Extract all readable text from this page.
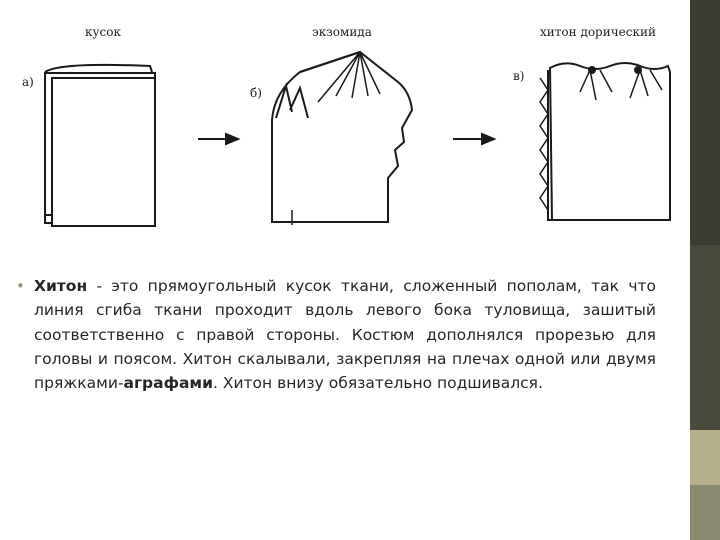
кусок	экзомида	хитон дорический
а)
б)
в)
• Хитон - это прямоугольный кусок ткани, сложенный пополам, так что линия сгиба ткани проходит вдоль левого бока туловища, зашитый соответственно с правой стороны. Костюм дополнялся прорезью для головы и поясом. Хитон скалывали, закрепляя на плечах одной или двумя пряжками-аграфами. Хитон внизу обязательно подшивался.
